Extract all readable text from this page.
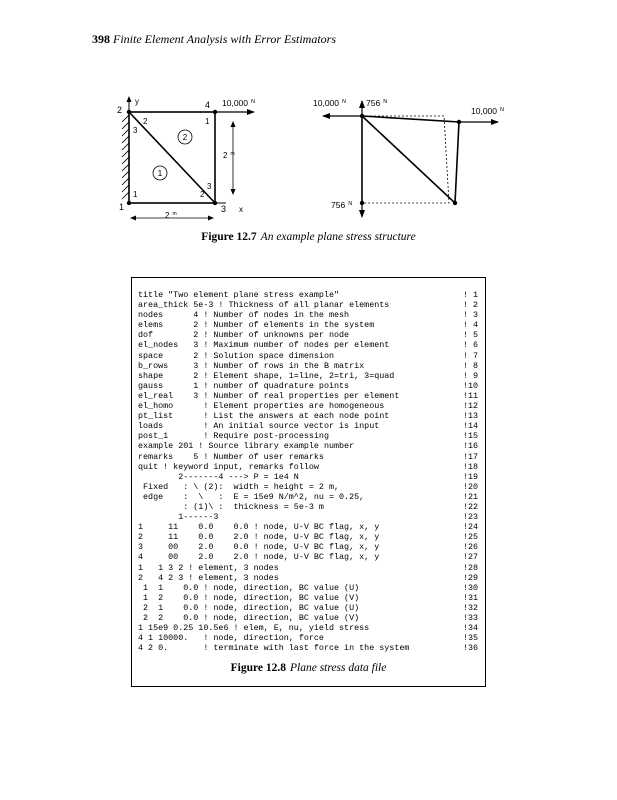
398 Finite Element Analysis with Error Estimators
y
x
2	4
1	3
2
3
1
3
1	2
2
1
10,000 $^N$
2 $^m$
2 $^m$
10,000 $^N$ 756 $^N$
10,000 $^N$
756 $^N$
Figure 12.7 An example plane stress structure
title "Two element plane stress example"
area_thick 5e-3 ! Thickness of all planar elements
nodes      4 ! Number of nodes in the mesh
elems      2 ! Number of elements in the system
dof        2 ! Number of unknowns per node
el_nodes   3 ! Maximum number of nodes per element
space      2 ! Solution space dimension
b_rows     3 ! Number of rows in the B matrix
shape      2 ! Element shape, 1=line, 2=tri, 3=quad
gauss      1 ! number of quadrature points
el_real    3 ! Number of real properties per element
el_homo      ! Element properties are homogeneous
pt_list      ! List the answers at each node point
loads        ! An initial source vector is input
post_1       ! Require post-processing
example 201 ! Source library example number
remarks    5 ! Number of user remarks
quit ! keyword input, remarks follow
2-------4 ---> P = 1e4 N
Fixed   : \ (2):  width = height = 2 m,
edge    :  \   :  E = 15e9 N/m^2, nu = 0.25,
: (1)\ :  thickness = 5e-3 m
1------3
1     11    0.0    0.0 ! node, U-V BC flag, x, y
2     11    0.0    2.0 ! node, U-V BC flag, x, y
3     00    2.0    0.0 ! node, U-V BC flag, x, y
4     00    2.0    2.0 ! node, U-V BC flag, x, y
1   1 3 2 ! element, 3 nodes
2   4 2 3 ! element, 3 nodes
1  1    0.0 ! node, direction, BC value (U)
1  2    0.0 ! node, direction, BC value (V)
2  1    0.0 ! node, direction, BC value (U)
2  2    0.0 ! node, direction, BC value (V)
1 15e9 0.25 10.5e6 ! elem, E, nu, yield stress
4 1 10000.   ! node, direction, force
4 2 0.       ! terminate with last force in the system

! 1
! 2
! 3
! 4
! 5
! 6
! 7
! 8
! 9
!10
!11
!12
!13
!14
!15
!16
!17
!18
!19
!20
!21
!22
!23
!24
!25
!26
!27
!28
!29
!30
!31
!32
!33
!34
!35
!36

Figure 12.8 Plane stress data file
